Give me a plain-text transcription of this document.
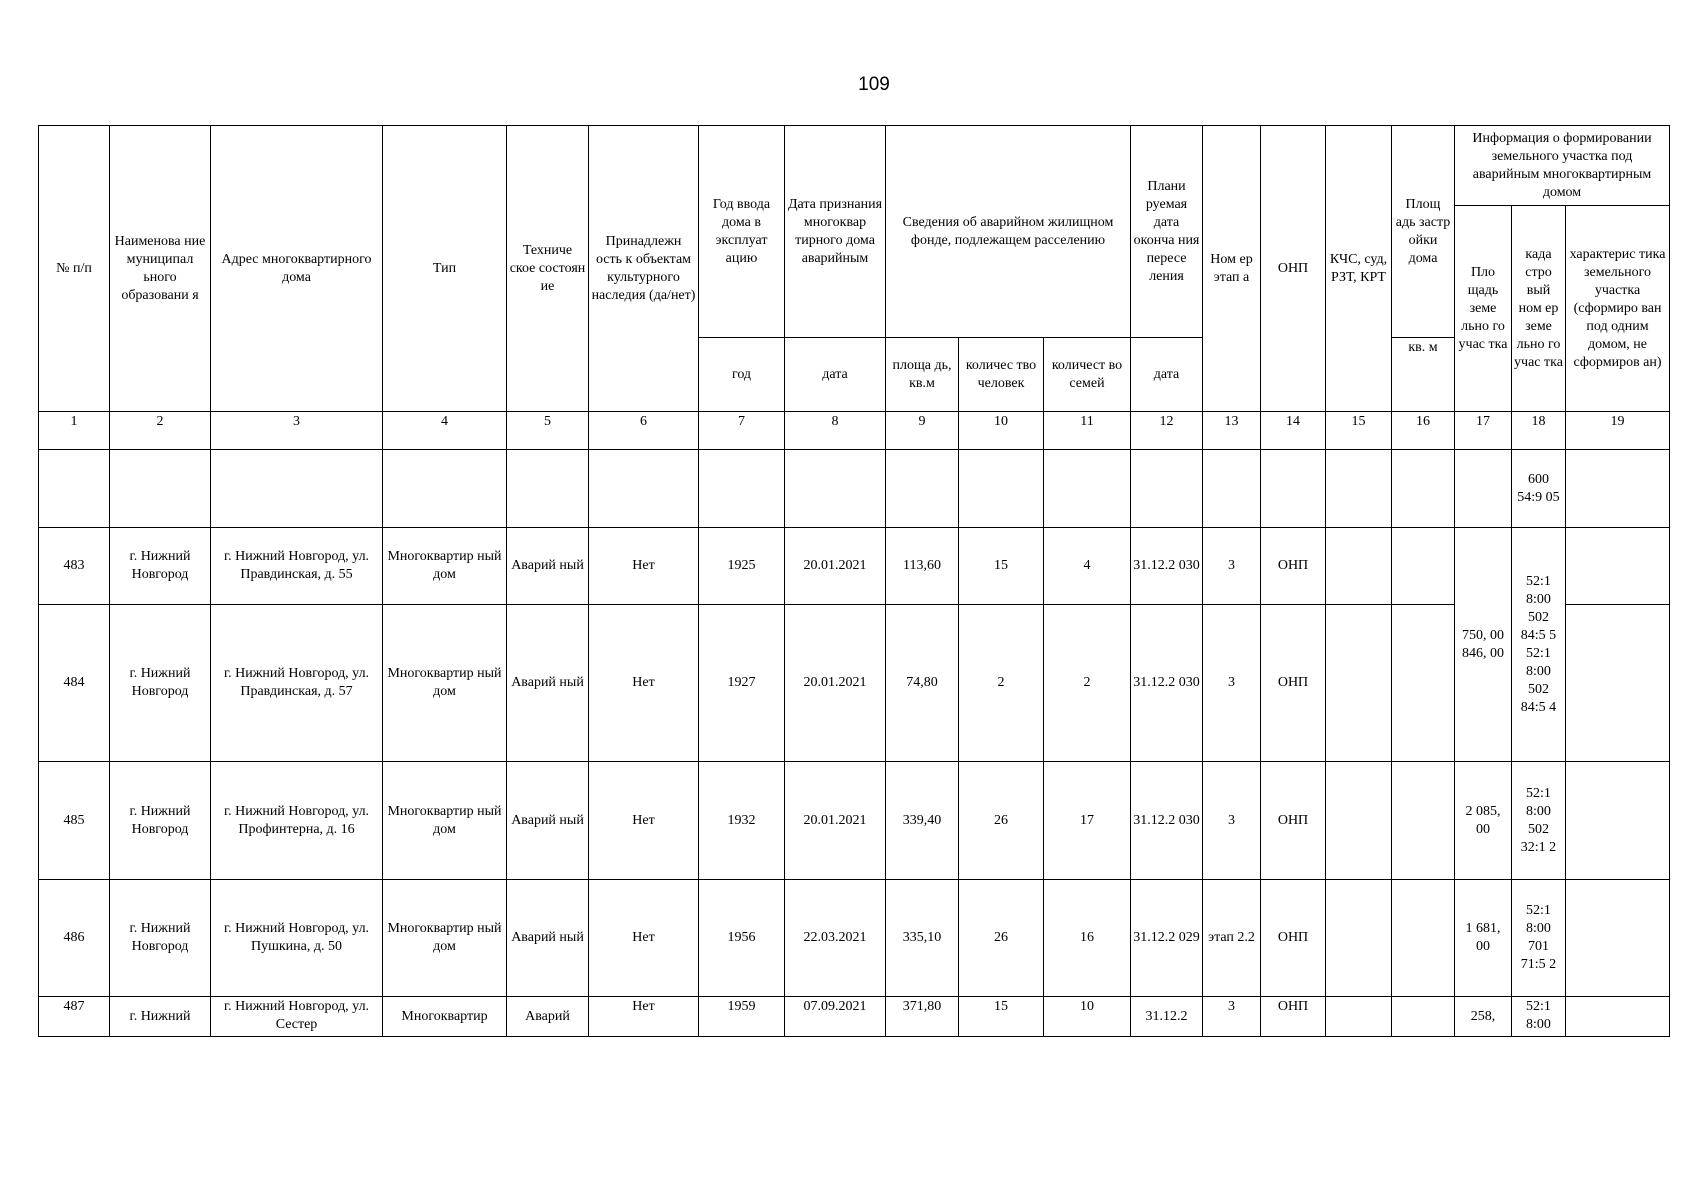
109
№ п/п	Наименова ние муниципал ьного образовани я	Адрес многоквартирного дома	Тип	Техниче ское состоян ие	Принадлежн ость к объектам культурного наследия (да/нет)	Год ввода дома в эксплуат ацию	Дата признания многоквар тирного дома аварийным	Сведения об аварийном жилищном фонде, подлежащем расселению			Плани руемая дата оконча ния пересе ления	Ном ер этап а	ОНП	КЧС, суд, РЗТ, КРТ	Площ адь застр ойки дома	Информация о формировании земельного участка под аварийным многоквартирным домом		
																Пло щадь земе льно го учас тка	када стро вый ном ер земе льно го учас тка	характерис тика земельного участка (сформиро ван под одним домом, не сформиров ан)
						год	дата	площа дь, кв.м	количес тво человек	количест во семей	дата				кв. м		
1	2	3	4	5	6	7	8	9	10	11	12	13	14	15	16	17	18	19
																	600 54:9 05	
483	г. Нижний Новгород	г. Нижний Новгород, ул. Правдинская, д. 55	Многоквартир ный дом	Аварий ный	Нет	1925	20.01.2021	113,60	15	4	31.12.2 030	3	ОНП			750, 00 846, 00	52:1 8:00 502 84:5 5 52:1 8:00 502 84:5 4	
484	г. Нижний Новгород	г. Нижний Новгород, ул. Правдинская, д. 57	Многоквартир ный дом	Аварий ный	Нет	1927	20.01.2021	74,80	2	2	31.12.2 030	3	ОНП					
485	г. Нижний Новгород	г. Нижний Новгород, ул. Профинтерна, д. 16	Многоквартир ный дом	Аварий ный	Нет	1932	20.01.2021	339,40	26	17	31.12.2 030	3	ОНП			2 085, 00	52:1 8:00 502 32:1 2	
486	г. Нижний Новгород	г. Нижний Новгород, ул. Пушкина, д. 50	Многоквартир ный дом	Аварий ный	Нет	1956	22.03.2021	335,10	26	16	31.12.2 029	этап 2.2	ОНП			1 681, 00	52:1 8:00 701 71:5 2	
487	г. Нижний	г. Нижний Новгород, ул. Сестер	Многоквартир	Аварий	Нет	1959	07.09.2021	371,80	15	10	31.12.2	3	ОНП			258,	52:1 8:00	
